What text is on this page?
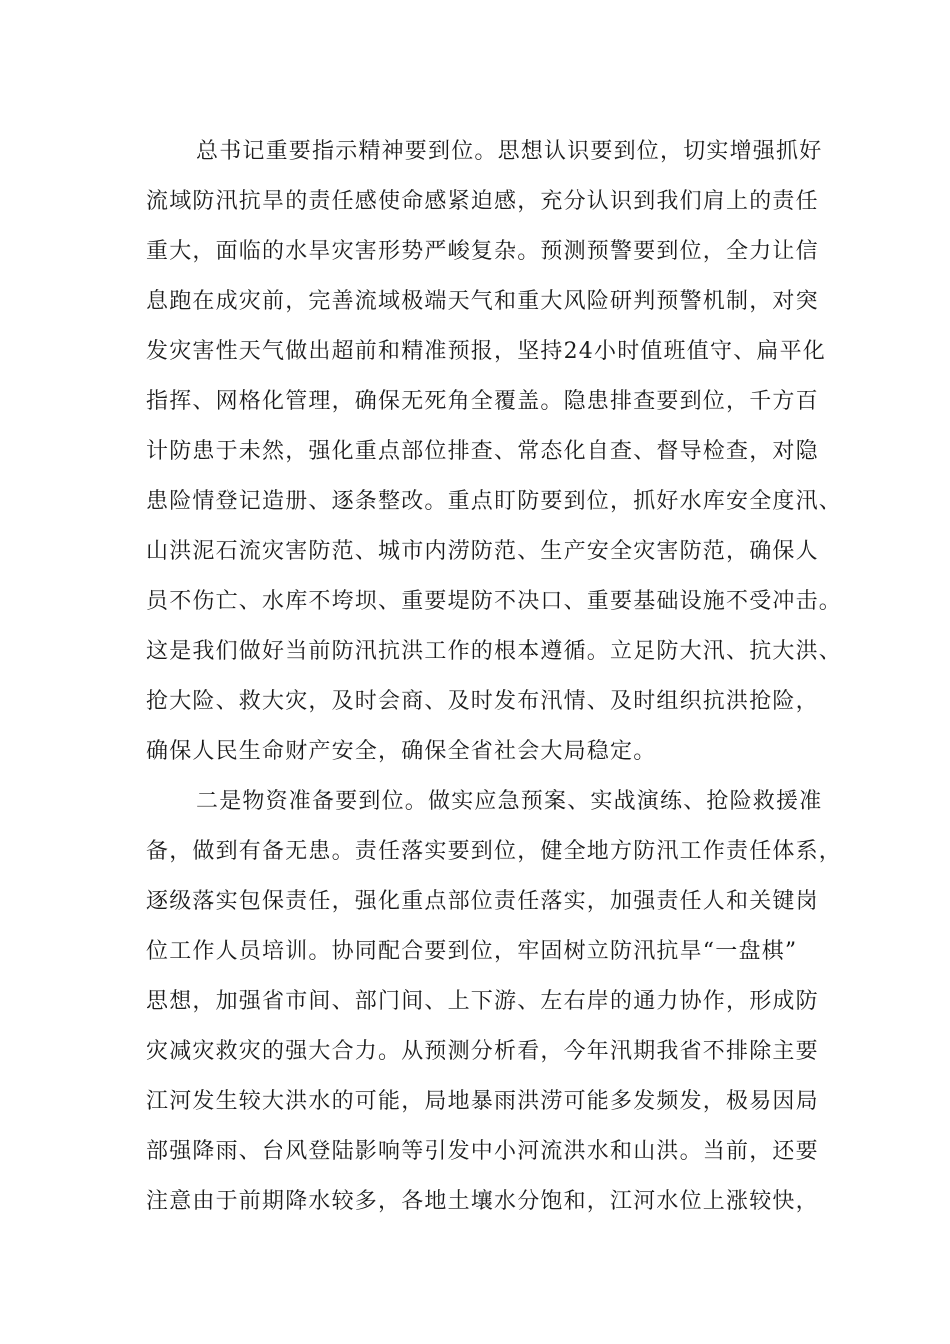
总书记重要指示精神要到位。思想认识要到位，切实增强抓好
流域防汛抗旱的责任感使命感紧迫感，充分认识到我们肩上的责任
重大，面临的水旱灾害形势严峻复杂。预测预警要到位，全力让信
息跑在成灾前，完善流域极端天气和重大风险研判预警机制，对突
发灾害性天气做出超前和精准预报，坚持24小时值班值守、扁平化
指挥、网格化管理，确保无死角全覆盖。隐患排查要到位，千方百
计防患于未然，强化重点部位排查、常态化自查、督导检查，对隐
患险情登记造册、逐条整改。重点盯防要到位，抓好水库安全度汛、
山洪泥石流灾害防范、城市内涝防范、生产安全灾害防范，确保人
员不伤亡、水库不垮坝、重要堤防不决口、重要基础设施不受冲击。
这是我们做好当前防汛抗洪工作的根本遵循。立足防大汛、抗大洪、
抢大险、救大灾，及时会商、及时发布汛情、及时组织抗洪抢险，
确保人民生命财产安全，确保全省社会大局稳定。
二是物资准备要到位。做实应急预案、实战演练、抢险救援准
备，做到有备无患。责任落实要到位，健全地方防汛工作责任体系，
逐级落实包保责任，强化重点部位责任落实，加强责任人和关键岗
位工作人员培训。协同配合要到位，牢固树立防汛抗旱“一盘棋”
思想，加强省市间、部门间、上下游、左右岸的通力协作，形成防
灾减灾救灾的强大合力。从预测分析看，今年汛期我省不排除主要
江河发生较大洪水的可能，局地暴雨洪涝可能多发频发，极易因局
部强降雨、台风登陆影响等引发中小河流洪水和山洪。当前，还要
注意由于前期降水较多，各地土壤水分饱和，江河水位上涨较快，
